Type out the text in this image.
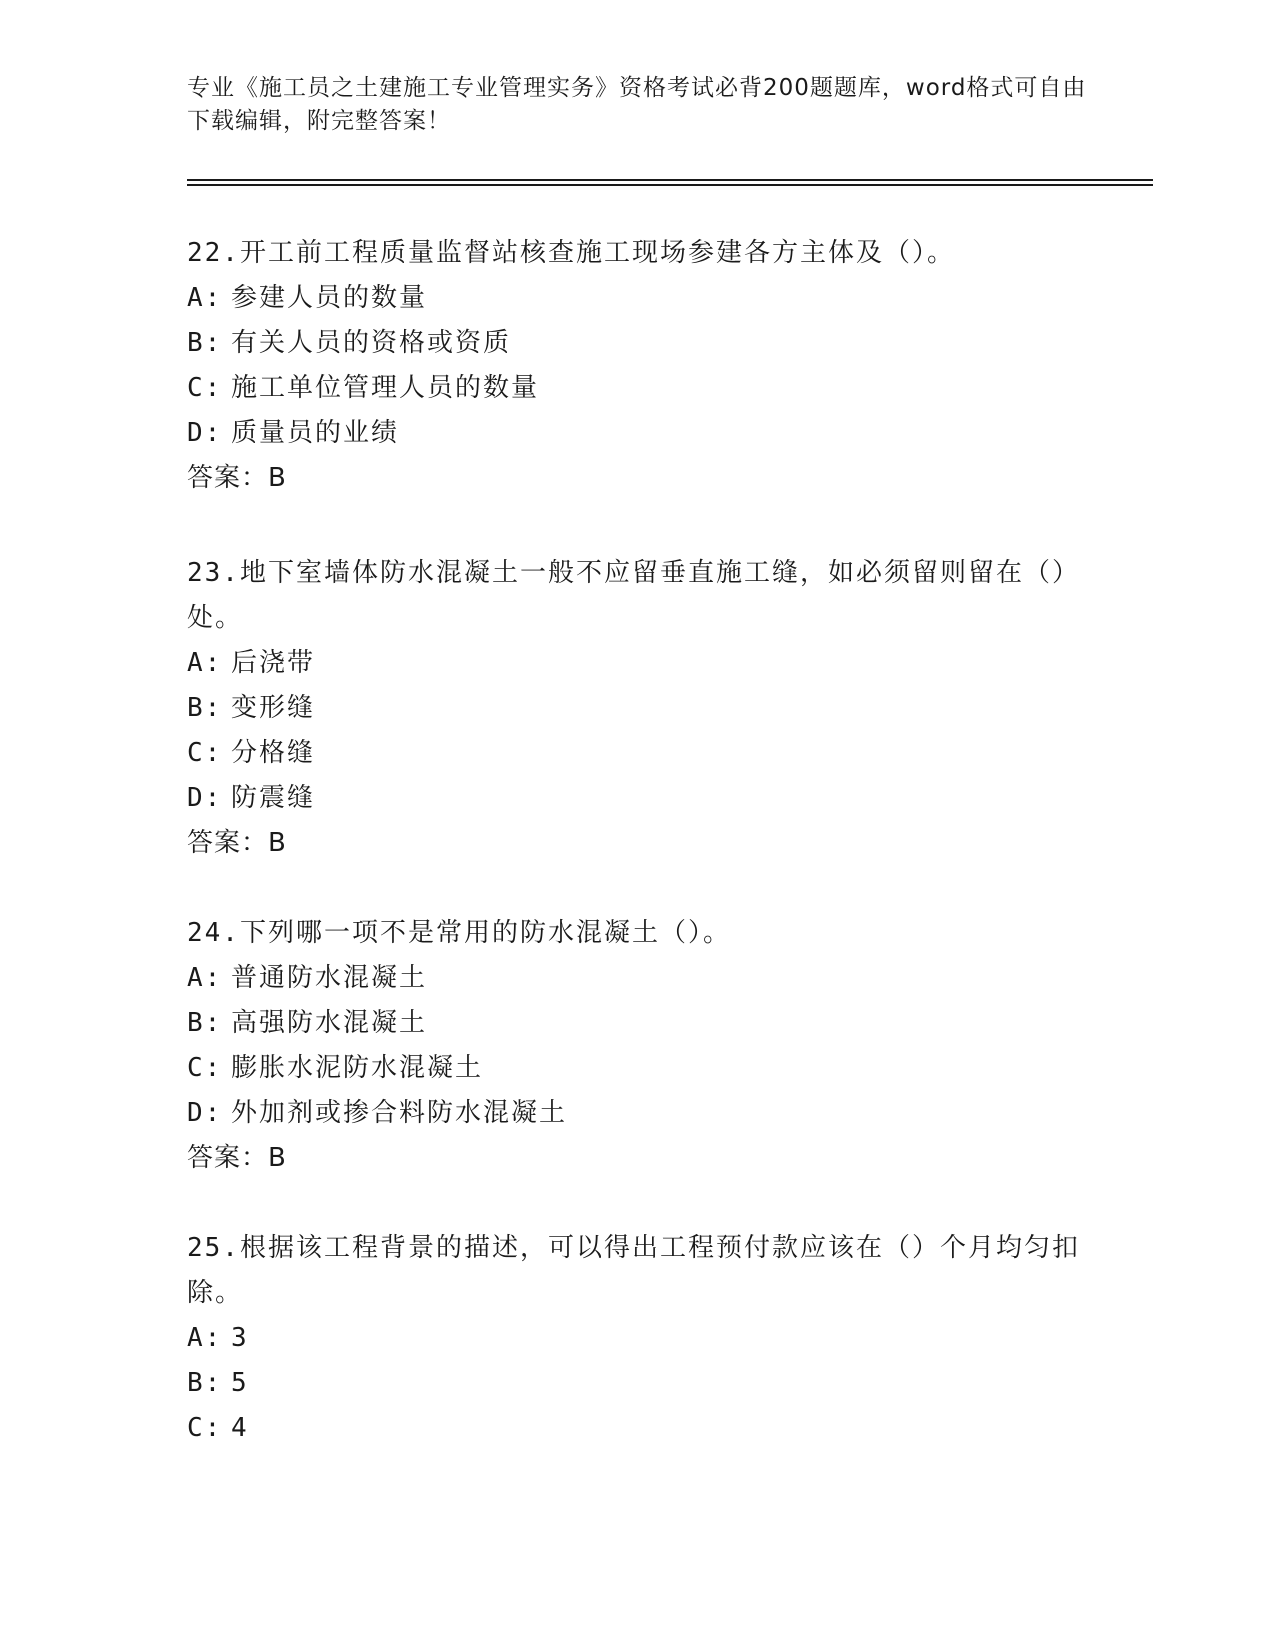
专业《施工员之土建施工专业管理实务》资格考试必背200题题库，word格式可自由下载编辑，附完整答案！

22.开工前工程质量监督站核查施工现场参建各方主体及（）。

A: 参建人员的数量

B: 有关人员的资格或资质

C: 施工单位管理人员的数量

D: 质量员的业绩

答案：B

23.地下室墙体防水混凝土一般不应留垂直施工缝，如必须留则留在（）处。

A: 后浇带

B: 变形缝

C: 分格缝

D: 防震缝

答案：B

24.下列哪一项不是常用的防水混凝土（）。

A: 普通防水混凝土

B: 高强防水混凝土

C: 膨胀水泥防水混凝土

D: 外加剂或掺合料防水混凝土

答案：B

25.根据该工程背景的描述，可以得出工程预付款应该在（）个月均匀扣除。

A: 3

B: 5

C: 4
